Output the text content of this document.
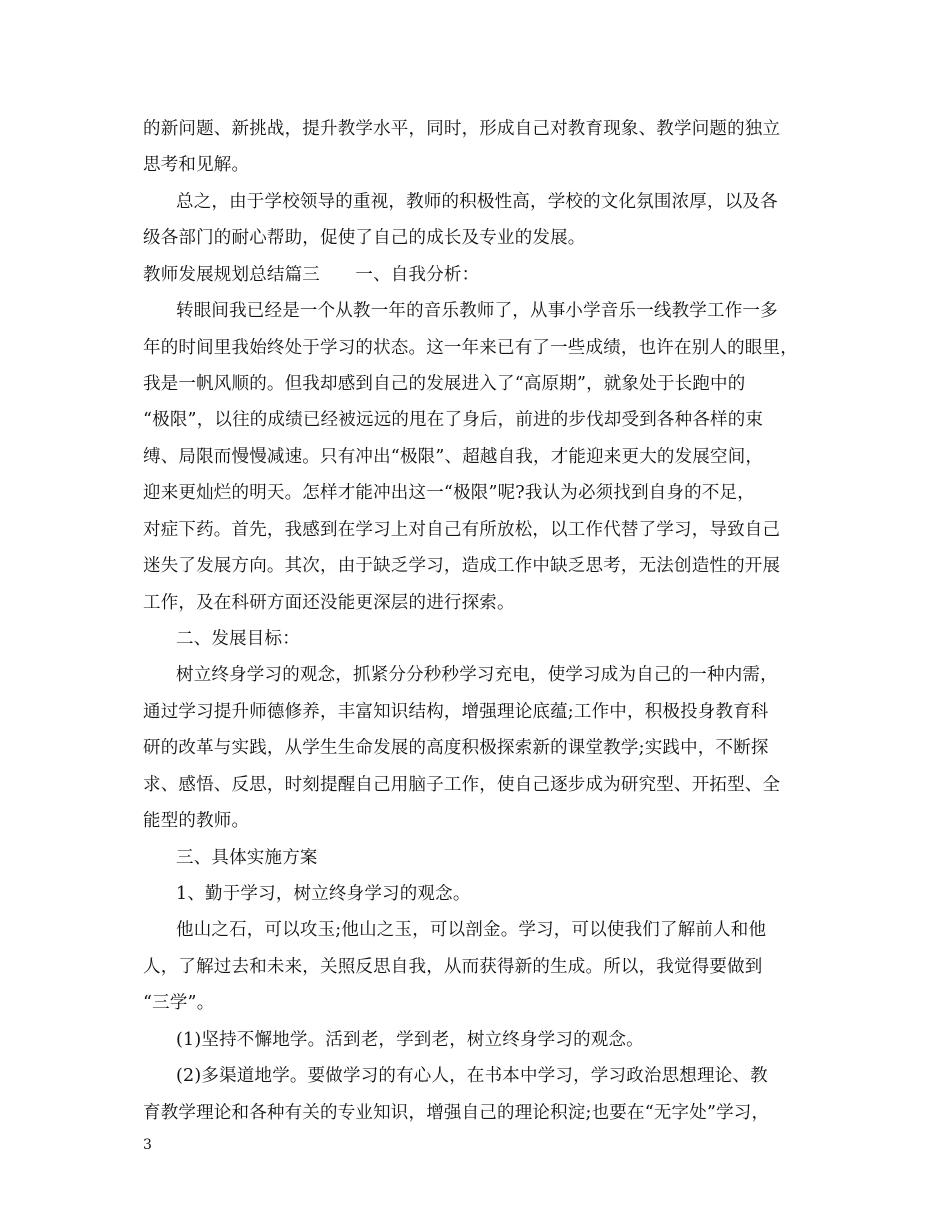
的新问题、新挑战，提升教学水平，同时，形成自己对教育现象、教学问题的独立
思考和见解。
总之，由于学校领导的重视，教师的积极性高，学校的文化氛围浓厚，以及各
级各部门的耐心帮助，促使了自己的成长及专业的发展。
教师发展规划总结篇三　　一、自我分析：
转眼间我已经是一个从教一年的音乐教师了，从事小学音乐一线教学工作一多
年的时间里我始终处于学习的状态。这一年来已有了一些成绩，也许在别人的眼里，
我是一帆风顺的。但我却感到自己的发展进入了“高原期”，就象处于长跑中的
“极限”，以往的成绩已经被远远的甩在了身后，前进的步伐却受到各种各样的束
缚、局限而慢慢减速。只有冲出“极限”、超越自我，才能迎来更大的发展空间，
迎来更灿烂的明天。怎样才能冲出这一“极限”呢?我认为必须找到自身的不足，
对症下药。首先，我感到在学习上对自己有所放松，以工作代替了学习，导致自己
迷失了发展方向。其次，由于缺乏学习，造成工作中缺乏思考，无法创造性的开展
工作，及在科研方面还没能更深层的进行探索。
二、发展目标：
树立终身学习的观念，抓紧分分秒秒学习充电，使学习成为自己的一种内需，
通过学习提升师德修养，丰富知识结构，增强理论底蕴;工作中，积极投身教育科
研的改革与实践，从学生生命发展的高度积极探索新的课堂教学;实践中，不断探
求、感悟、反思，时刻提醒自己用脑子工作，使自己逐步成为研究型、开拓型、全
能型的教师。
三、具体实施方案
1、勤于学习，树立终身学习的观念。
他山之石，可以攻玉;他山之玉，可以剖金。学习，可以使我们了解前人和他
人，了解过去和未来，关照反思自我，从而获得新的生成。所以，我觉得要做到
“三学”。
(1)坚持不懈地学。活到老，学到老，树立终身学习的观念。
(2)多渠道地学。要做学习的有心人，在书本中学习，学习政治思想理论、教
育教学理论和各种有关的专业知识，增强自己的理论积淀;也要在“无字处”学习，
3
